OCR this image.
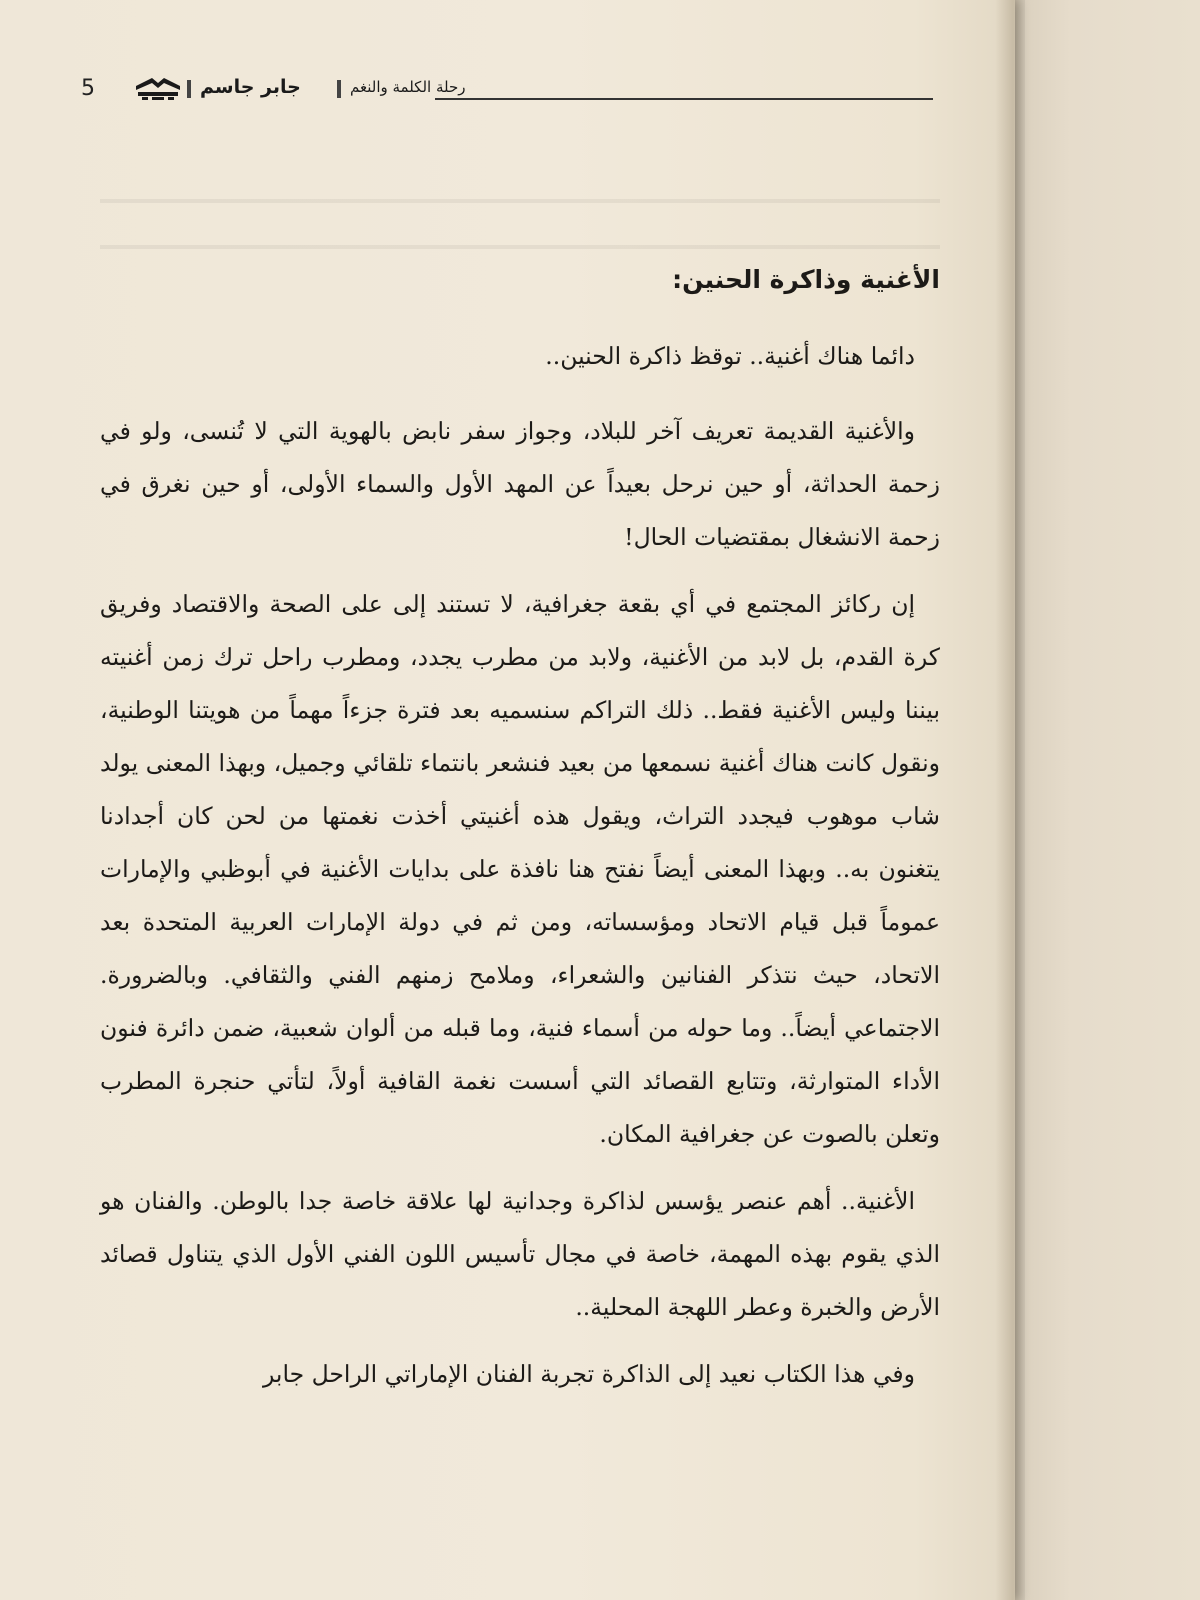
5	جابر جاسم	رحلة الكلمة والنغم
الأغنية وذاكرة الحنين:

دائما هناك أغنية.. توقظ ذاكرة الحنين..

والأغنية القديمة تعريف آخر للبلاد، وجواز سفر نابض بالهوية التي لا تُنسى، ولو في زحمة الحداثة، أو حين نرحل بعيداً عن المهد الأول والسماء الأولى، أو حين نغرق في زحمة الانشغال بمقتضيات الحال!

إن ركائز المجتمع في أي بقعة جغرافية، لا تستند إلى على الصحة والاقتصاد وفريق كرة القدم، بل لابد من الأغنية، ولابد من مطرب يجدد، ومطرب راحل ترك زمن أغنيته بيننا وليس الأغنية فقط.. ذلك التراكم سنسميه بعد فترة جزءاً مهماً من هويتنا الوطنية، ونقول كانت هناك أغنية نسمعها من بعيد فنشعر بانتماء تلقائي وجميل، وبهذا المعنى يولد شاب موهوب فيجدد التراث، ويقول هذه أغنيتي أخذت نغمتها من لحن كان أجدادنا يتغنون به.. وبهذا المعنى أيضاً نفتح هنا نافذة على بدايات الأغنية في أبوظبي والإمارات عموماً قبل قيام الاتحاد ومؤسساته، ومن ثم في دولة الإمارات العربية المتحدة بعد الاتحاد، حيث نتذكر الفنانين والشعراء، وملامح زمنهم الفني والثقافي. وبالضرورة. الاجتماعي أيضاً.. وما حوله من أسماء فنية، وما قبله من ألوان شعبية، ضمن دائرة فنون الأداء المتوارثة، وتتابع القصائد التي أسست نغمة القافية أولاً، لتأتي حنجرة المطرب وتعلن بالصوت عن جغرافية المكان.

الأغنية.. أهم عنصر يؤسس لذاكرة وجدانية لها علاقة خاصة جدا بالوطن. والفنان هو الذي يقوم بهذه المهمة، خاصة في مجال تأسيس اللون الفني الأول الذي يتناول قصائد الأرض والخبرة وعطر اللهجة المحلية..

وفي هذا الكتاب نعيد إلى الذاكرة تجربة الفنان الإماراتي الراحل جابر
